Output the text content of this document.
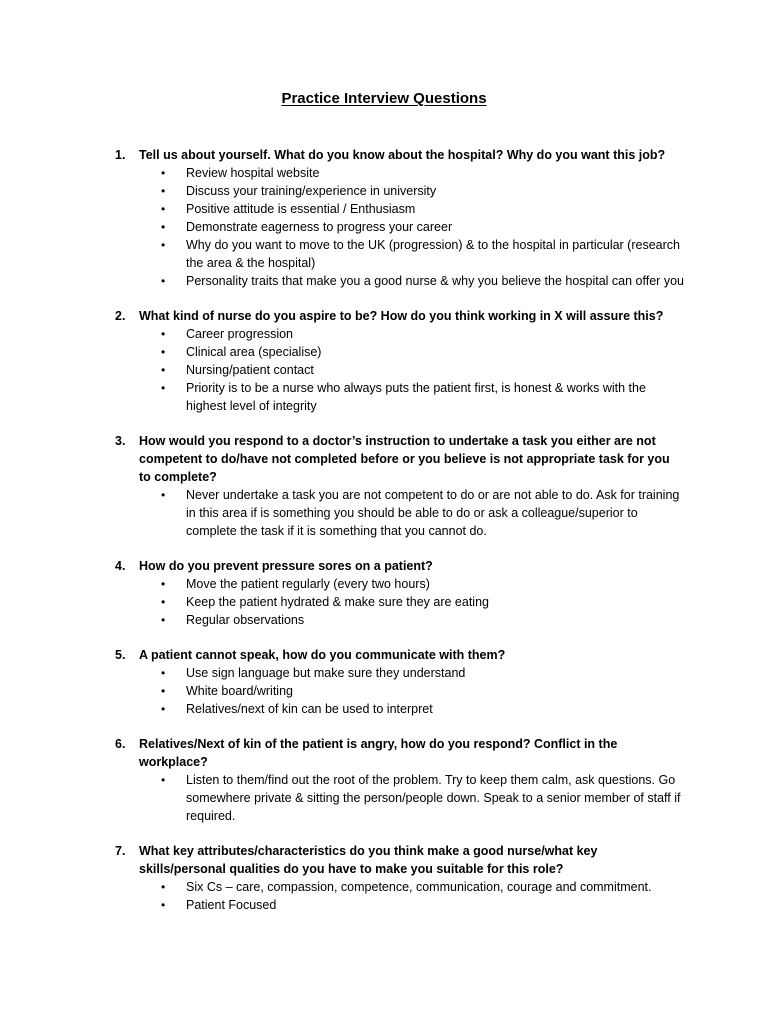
Practice Interview Questions
1. Tell us about yourself. What do you know about the hospital? Why do you want this job?

• Review hospital website
• Discuss your training/experience in university
• Positive attitude is essential / Enthusiasm
• Demonstrate eagerness to progress your career
• Why do you want to move to the UK (progression) & to the hospital in particular (research the area & the hospital)
• Personality traits that make you a good nurse & why you believe the hospital can offer you
2. What kind of nurse do you aspire to be? How do you think working in X will assure this?

• Career progression
• Clinical area (specialise)
• Nursing/patient contact
• Priority is to be a nurse who always puts the patient first, is honest & works with the highest level of integrity
3. How would you respond to a doctor’s instruction to undertake a task you either are not competent to do/have not completed before or you believe is not appropriate task for you to complete?

• Never undertake a task you are not competent to do or are not able to do. Ask for training in this area if is something you should be able to do or ask a colleague/superior to complete the task if it is something that you cannot do.
4. How do you prevent pressure sores on a patient?

• Move the patient regularly (every two hours)
• Keep the patient hydrated & make sure they are eating
• Regular observations
5. A patient cannot speak, how do you communicate with them?

• Use sign language but make sure they understand
• White board/writing
• Relatives/next of kin can be used to interpret
6. Relatives/Next of kin of the patient is angry, how do you respond? Conflict in the workplace?

• Listen to them/find out the root of the problem. Try to keep them calm, ask questions. Go somewhere private & sitting the person/people down. Speak to a senior member of staff if required.
7. What key attributes/characteristics do you think make a good nurse/what key skills/personal qualities do you have to make you suitable for this role?

• Six Cs – care, compassion, competence, communication, courage and commitment.
• Patient Focused
